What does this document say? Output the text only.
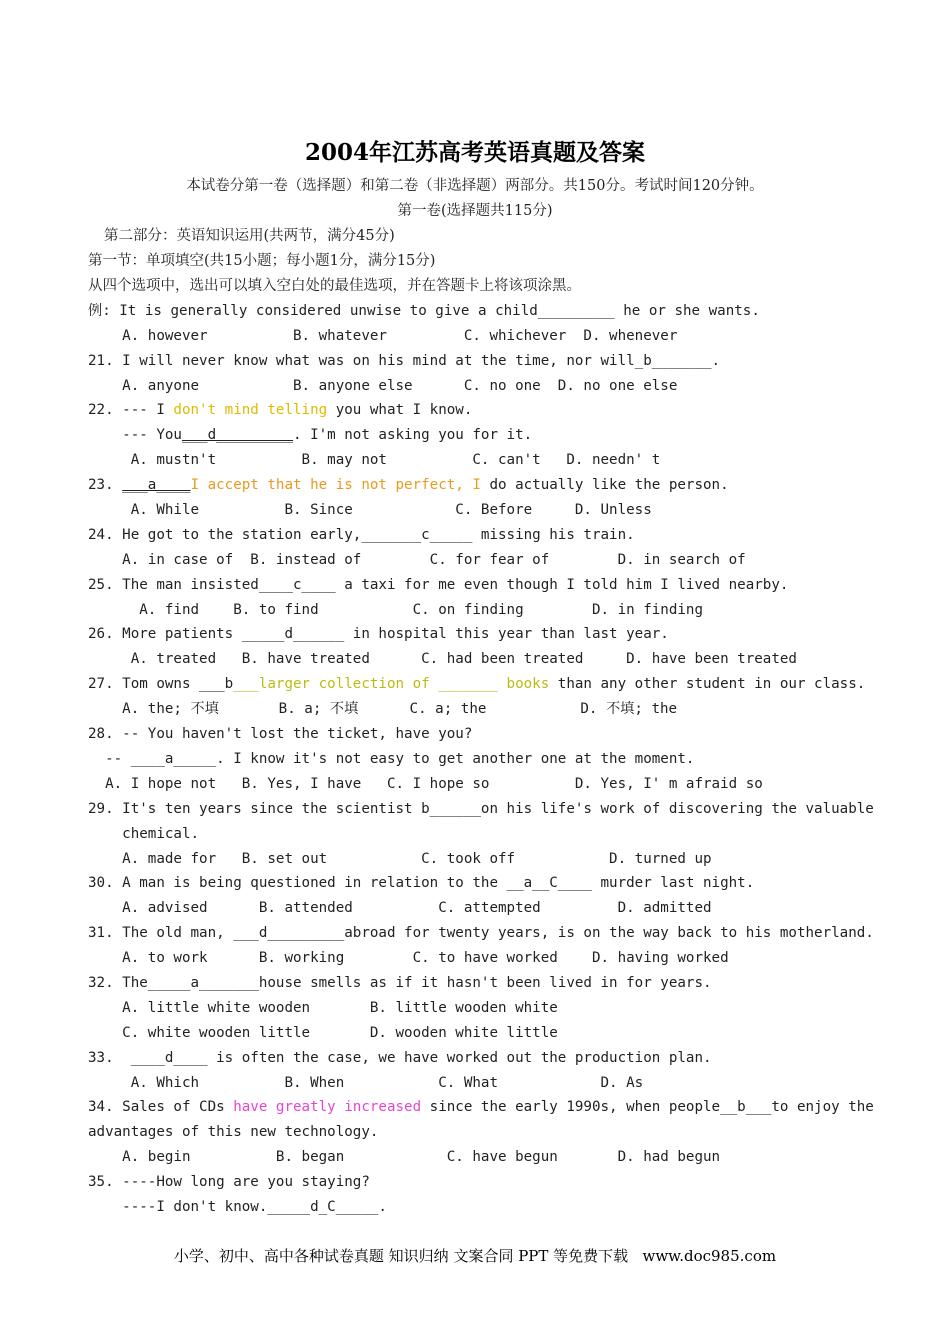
2004年江苏高考英语真题及答案
本试卷分第一卷（选择题）和第二卷（非选择题）两部分。共150分。考试时间120分钟。
第一卷(选择题共115分)
第二部分：英语知识运用(共两节，满分45分)
第一节：单项填空(共15小题；每小题1分，满分15分)
从四个选项中，选出可以填入空白处的最佳选项，并在答题卡上将该项涂黑。
例: It is generally considered unwise to give a child_________ he or she wants.
A. however          B. whatever         C. whichever  D. whenever
21. I will never know what was on his mind at the time, nor will_b_______.
A. anyone           B. anyone else      C. no one  D. no one else
22. --- I don't mind telling you what I know.
--- You___d_________. I'm not asking you for it.
A. mustn't          B. may not          C. can't   D. needn' t
23. ___a____I accept that he is not perfect, I do actually like the person.
A. While          B. Since            C. Before     D. Unless
24. He got to the station early,_______c_____ missing his train.
A. in case of  B. instead of        C. for fear of        D. in search of
25. The man insisted____c____ a taxi for me even though I told him I lived nearby.
A. find    B. to find           C. on finding        D. in finding
26. More patients _____d______ in hospital this year than last year.
A. treated   B. have treated      C. had been treated     D. have been treated
27. Tom owns ___b___larger collection of _______ books than any other student in our class.
A. the; 不填       B. a; 不填      C. a; the           D. 不填; the
28. -- You haven't lost the ticket, have you?
-- ____a_____. I know it's not easy to get another one at the moment.
A. I hope not   B. Yes, I have   C. I hope so          D. Yes, I' m afraid so
29. It's ten years since the scientist b______on his life's work of discovering the valuable
chemical.
A. made for   B. set out           C. took off           D. turned up
30. A man is being questioned in relation to the __a__C____ murder last night.
A. advised      B. attended          C. attempted         D. admitted
31. The old man, ___d_________abroad for twenty years, is on the way back to his motherland.
A. to work      B. working        C. to have worked    D. having worked
32. The_____a_______house smells as if it hasn't been lived in for years.
A. little white wooden       B. little wooden white
C. white wooden little       D. wooden white little
33.  ____d____ is often the case, we have worked out the production plan.
A. Which          B. When           C. What            D. As
34. Sales of CDs have greatly increased since the early 1990s, when people__b___to enjoy the
advantages of this new technology.
A. begin          B. began            C. have begun       D. had begun
35. ----How long are you staying?
----I don't know._____d_C_____.
小学、初中、高中各种试卷真题 知识归纳 文案合同 PPT 等免费下载   www.doc985.com
